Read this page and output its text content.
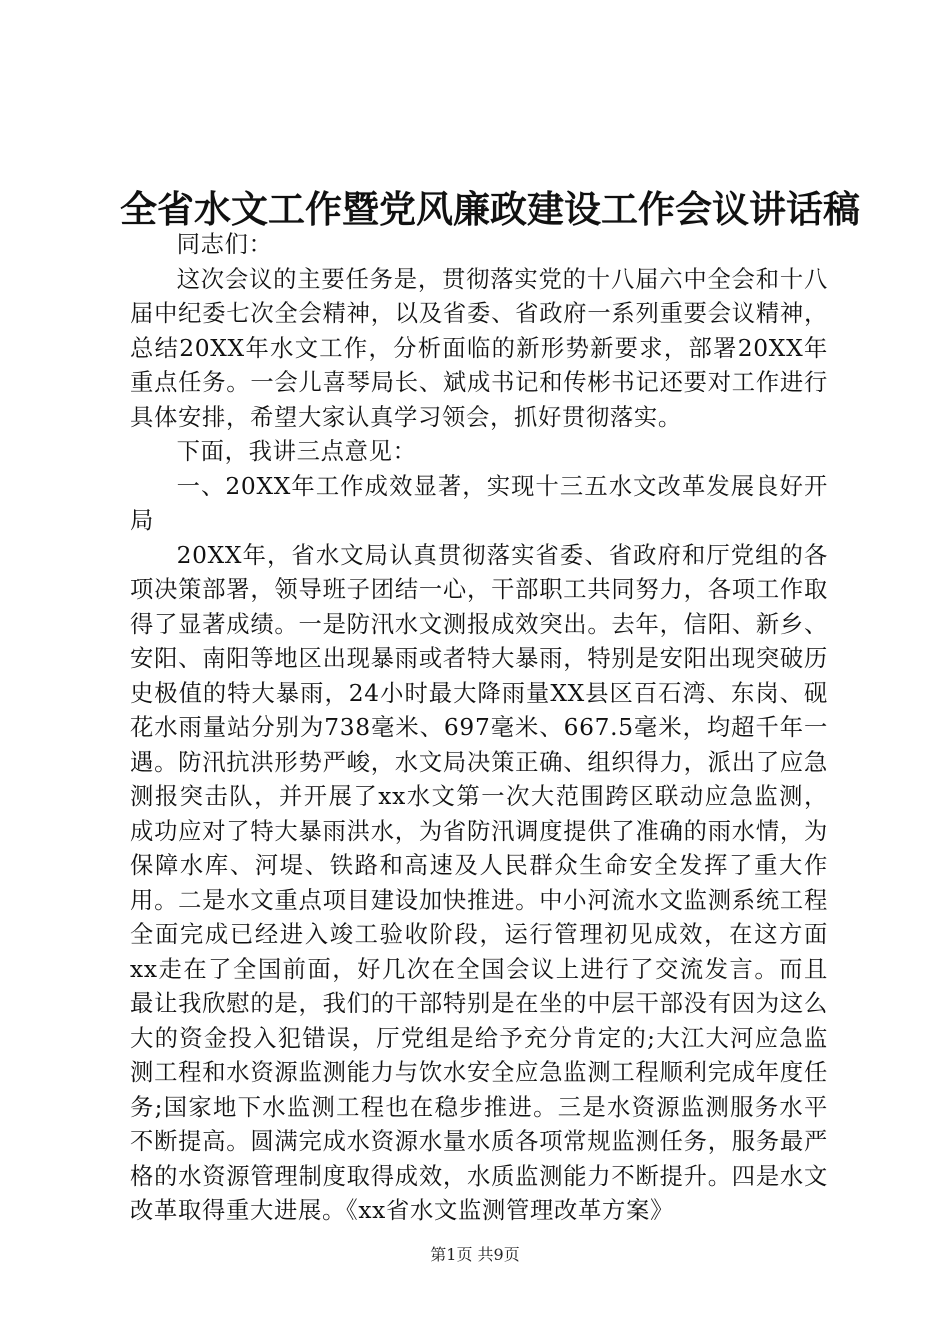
全省水文工作暨党风廉政建设工作会议讲话稿

同志们：

这次会议的主要任务是，贯彻落实党的十八届六中全会和十八届中纪委七次全会精神，以及省委、省政府一系列重要会议精神，总结20XX年水文工作，分析面临的新形势新要求，部署20XX年重点任务。一会儿喜琴局长、斌成书记和传彬书记还要对工作进行具体安排，希望大家认真学习领会，抓好贯彻落实。

下面，我讲三点意见：

一、20XX年工作成效显著，实现十三五水文改革发展良好开局

20XX年，省水文局认真贯彻落实省委、省政府和厅党组的各项决策部署，领导班子团结一心，干部职工共同努力，各项工作取得了显著成绩。一是防汛水文测报成效突出。去年，信阳、新乡、安阳、南阳等地区出现暴雨或者特大暴雨，特别是安阳出现突破历史极值的特大暴雨，24小时最大降雨量XX县区百石湾、东岗、砚花水雨量站分别为738毫米、697毫米、667.5毫米，均超千年一遇。防汛抗洪形势严峻，水文局决策正确、组织得力，派出了应急测报突击队，并开展了xx水文第一次大范围跨区联动应急监测，成功应对了特大暴雨洪水，为省防汛调度提供了准确的雨水情，为保障水库、河堤、铁路和高速及人民群众生命安全发挥了重大作用。二是水文重点项目建设加快推进。中小河流水文监测系统工程全面完成已经进入竣工验收阶段，运行管理初见成效，在这方面xx走在了全国前面，好几次在全国会议上进行了交流发言。而且最让我欣慰的是，我们的干部特别是在坐的中层干部没有因为这么大的资金投入犯错误，厅党组是给予充分肯定的;大江大河应急监测工程和水资源监测能力与饮水安全应急监测工程顺利完成年度任务;国家地下水监测工程也在稳步推进。三是水资源监测服务水平不断提高。圆满完成水资源水量水质各项常规监测任务，服务最严格的水资源管理制度取得成效，水质监测能力不断提升。四是水文改革取得重大进展。《xx省水文监测管理改革方案》

第1页 共9页
